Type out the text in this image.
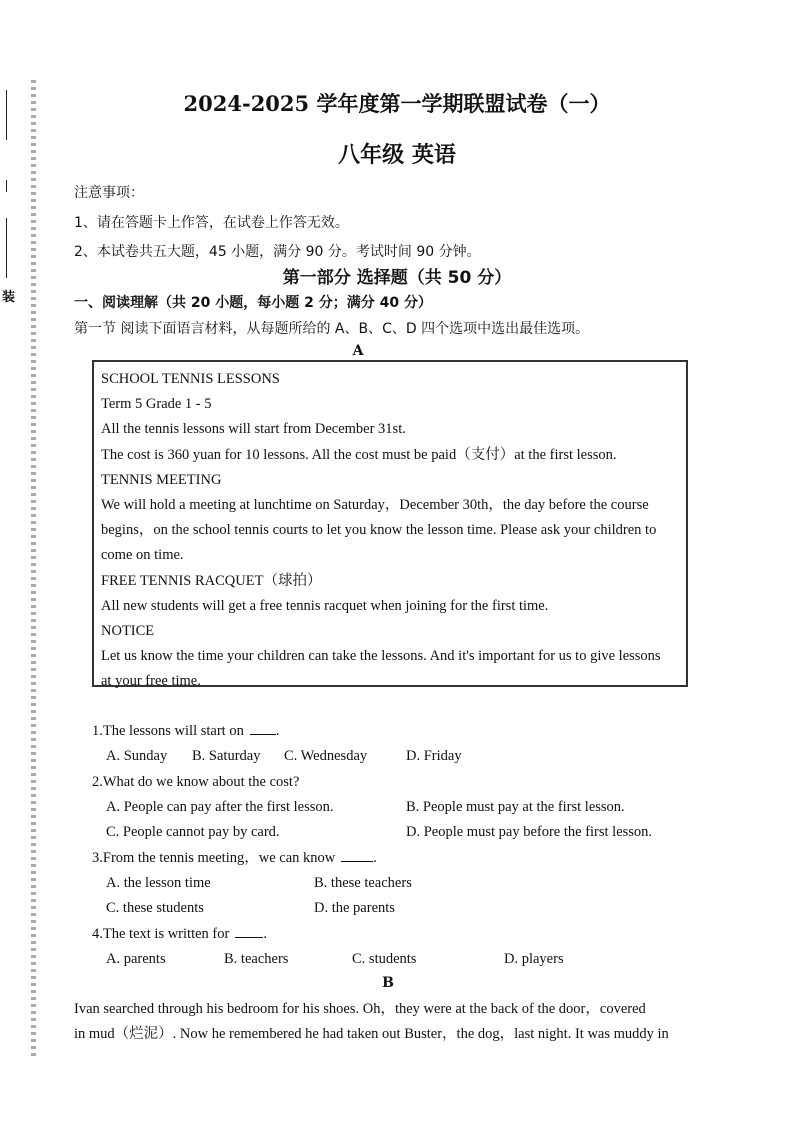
装
2024-2025 学年度第一学期联盟试卷（一）
八年级 英语
注意事项：
1、请在答题卡上作答，在试卷上作答无效。
2、本试卷共五大题，45 小题，满分 90 分。考试时间 90 分钟。
第一部分 选择题（共 50 分）
一、阅读理解（共 20 小题，每小题 2 分；满分 40 分）
第一节 阅读下面语言材料，从每题所给的 A、B、C、D 四个选项中选出最佳选项。
A
SCHOOL TENNIS LESSONS
Term 5 Grade 1 - 5
All the tennis lessons will start from December 31st.
The cost is 360 yuan for 10 lessons. All the cost must be paid（支付）at the first lesson.
TENNIS MEETING
We will hold a meeting at lunchtime on Saturday，December 30th，the day before the course
begins，on the school tennis courts to let you know the lesson time. Please ask your children to
come on time.
FREE TENNIS RACQUET（球拍）
All new students will get a free tennis racquet when joining for the first time.
NOTICE
Let us know the time your children can take the lessons. And it's important for us to give lessons
at your free time.
1.The lessons will start on .
A. Sunday B. Saturday C. Wednesday	D. Friday
2.What do we know about the cost?
A. People can pay after the first lesson.	B. People must pay at the first lesson.
C. People cannot pay by card.	D. People must pay before the first lesson.
3.From the tennis meeting，we can know	.
A. the lesson time	B. these teachers
C. these students	D. the parents
4.The text is written for .
A. parents	B. teachers	C. students	D. players
B
Ivan searched through his bedroom for his shoes. Oh，they were at the back of the door，covered
in mud（烂泥）. Now he remembered he had taken out Buster，the dog，last night. It was muddy in
